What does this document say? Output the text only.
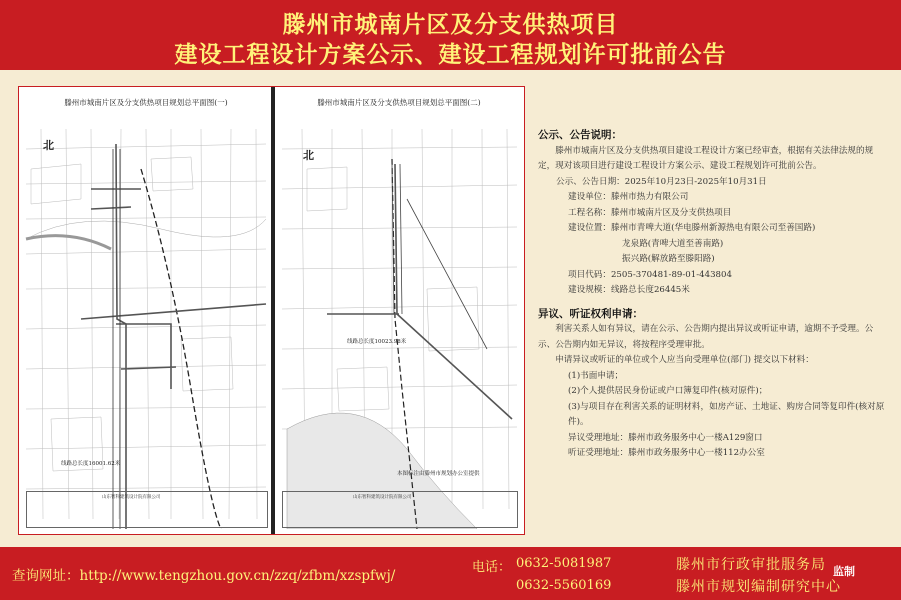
滕州市城南片区及分支供热项目
建设工程设计方案公示、建设工程规划许可批前公告
滕州市城南片区及分支供热项目规划总平面图(一)
北
线路总长度16001.62米
山东智科建筑设计院有限公司
滕州市城南片区及分支供热项目规划总平面图(二)
北
线路总长度10023.98米
本图标注由滕州市规划办公室提供
山东智科建筑设计院有限公司
公示、公告说明：
滕州市城南片区及分支供热项目建设工程设计方案已经审查，根据有关法律法规的规定，现对该项目进行建设工程设计方案公示、建设工程规划许可批前公告。
公示、公告日期：2025年10月23日-2025年10月31日
建设单位：滕州市热力有限公司
工程名称：滕州市城南片区及分支供热项目
建设位置：滕州市青啤大道(华电滕州新源热电有限公司至善国路)
龙泉路(青啤大道至善南路)
振兴路(解放路至滕阳路)
项目代码：2505-370481-89-01-443804
建设规模：线路总长度26445米
异议、听证权利申请：
利害关系人如有异议，请在公示、公告期内提出异议或听证申请，逾期不予受理。公示、公告期内如无异议，将按程序受理审批。
申请异议或听证的单位或个人应当向受理单位(部门) 提交以下材料：
(1)书面申请；
(2)个人提供居民身份证或户口簿复印件(核对原件)；
(3)与项目存在利害关系的证明材料，如房产证、土地证、购房合同等复印件(核对原件)。
异议受理地址：滕州市政务服务中心一楼A129窗口
听证受理地址：滕州市政务服务中心一楼112办公室
查询网址：http://www.tengzhou.gov.cn/zzq/zfbm/xzspfwj/
电话： 0632-5081987
0632-5560169
滕州市行政审批服务局
滕州市规划编制研究中心
监制
